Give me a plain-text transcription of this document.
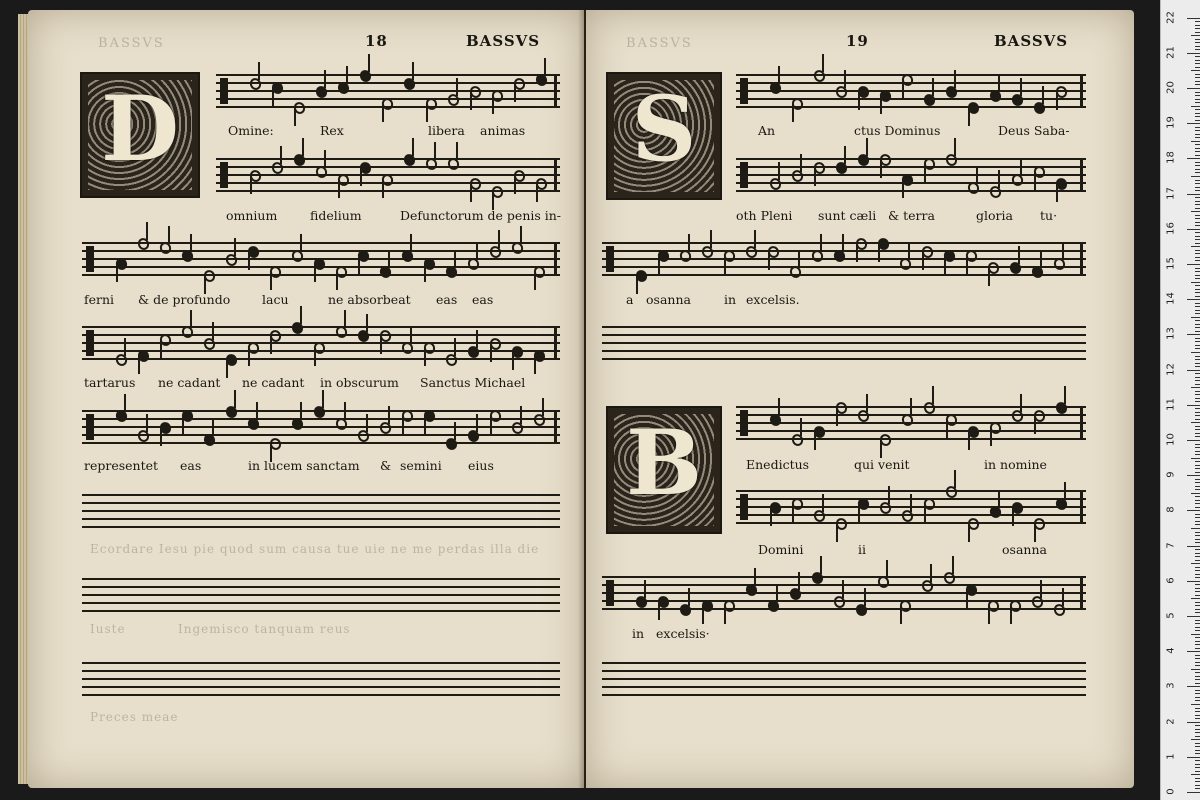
BASSVS	18	BASSVS
D	Omine:	Rex	libera animas
omnium	fidelium	Defunctorum de penis in-
ferni & de profundo	lacu	ne absorbeat eas eas
tartarus ne cadant ne cadant in obscurum Sanctus Michael
representet eas	in lucem sanctam & semini eius
Ecordare Iesu pie quod sum causa tue uie ne me perdas illa die
Iuste	Ingemisco tanquam reus
Preces meae
BASSVS	19	BASSVS
S
B
An	ctus Dominus	Deus Saba-
oth Pleni sunt cæli & terra	gloria tu·
a osanna	in excelsis.
Enedictus	qui venit	in nomine
Domini	ii	osanna
in excelsis·
0
1
2
3
4
5
6
7
8
9
10
11
12
13
14
15
16
17
18
19
20
21
22
